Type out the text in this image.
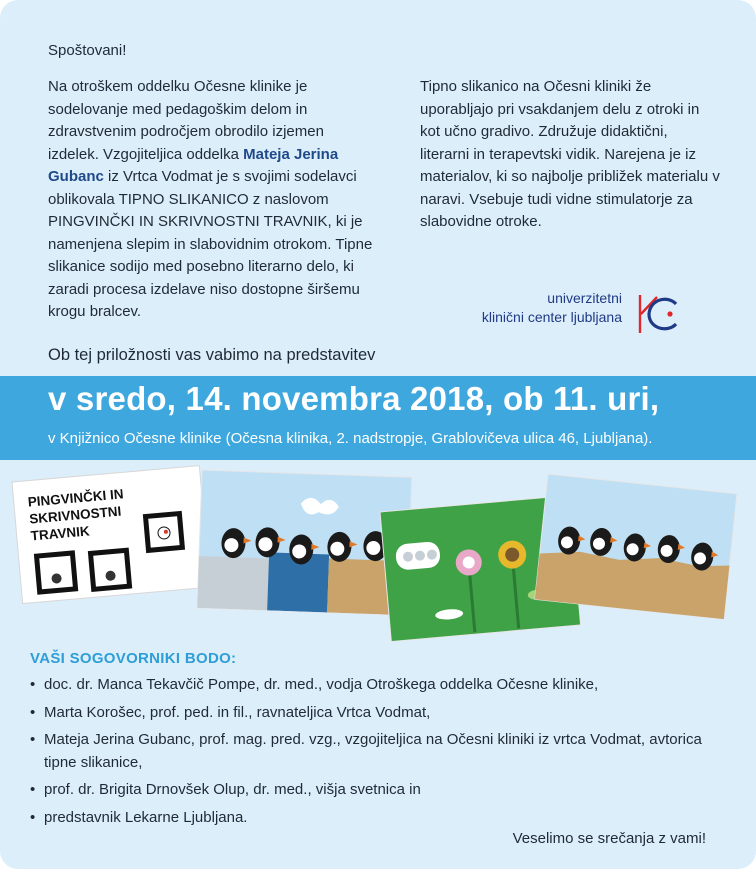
Spoštovani!

Na otroškem oddelku Očesne klinike je sodelovanje med pedagoškim delom in zdravstvenim področjem obrodilo izjemen izdelek. Vzgojiteljica oddelka Mateja Jerina Gubanc iz Vrtca Vodmat je s svojimi sodelavci oblikovala TIPNO SLIKANICO z naslovom PINGVINČKI IN SKRIVNOSTNI TRAVNIK, ki je namenjena slepim in slabovidnim otrokom. Tipne slikanice sodijo med posebno literarno delo, ki zaradi procesa izdelave niso dostopne širšemu krogu bralcev.

Tipno slikanico na Očesni kliniki že uporabljajo pri vsakdanjem delu z otroki in kot učno gradivo. Združuje didaktični, literarni in terapevtski vidik. Narejena je iz materialov, ki so najbolje približek materialu v naravi. Vsebuje tudi vidne stimulatorje za slabovidne otroke.

univerzitetni
klinični center ljubljana
Ob tej priložnosti vas vabimo na predstavitev
v sredo, 14. novembra 2018, ob 11. uri,
v Knjižnico Očesne klinike (Očesna klinika, 2. nadstropje, Grablovičeva ulica 46, Ljubljana).
PINGVINČKI IN
SKRIVNOSTNI
TRAVNIK
VAŠI SOGOVORNIKI BODO:
• doc. dr. Manca Tekavčič Pompe, dr. med., vodja Otroškega oddelka Očesne klinike,
• Marta Korošec, prof. ped. in fil., ravnateljica Vrtca Vodmat,
• Mateja Jerina Gubanc, prof. mag. pred. vzg., vzgojiteljica na Očesni kliniki iz vrtca Vodmat, avtorica tipne slikanice,
• prof. dr. Brigita Drnovšek Olup, dr. med., višja svetnica in
• predstavnik Lekarne Ljubljana.
Veselimo se srečanja z vami!
